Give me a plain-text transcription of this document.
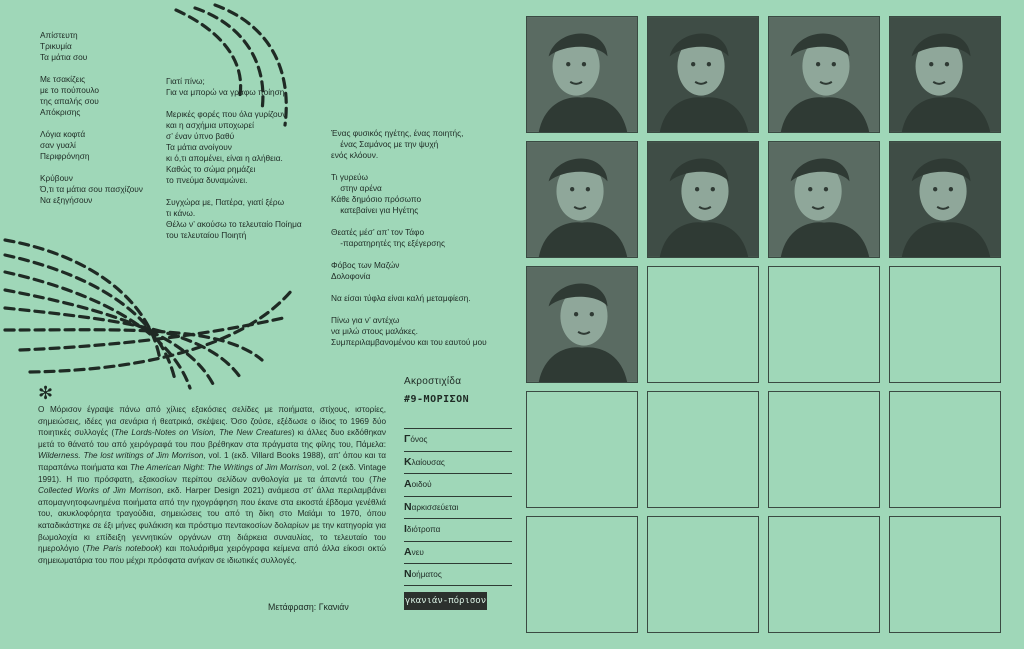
Απίστευτη
Τρικυμία
Τα μάτια σου
Με τσακίζεις
με το πούπουλο
της απαλής σου
Απόκρισης
Λόγια κοφτά
σαν γυαλί
Περιφρόνηση
Κρύβουν
Ό,τι τα μάτια σου πασχίζουν
Να εξηγήσουν
Γιατί πίνω;
Για να μπορώ να γράφω ποίηση.
Μερικές φορές που όλα γυρίζουν
και η ασχήμια υποχωρεί
σ’ έναν ύπνο βαθύ
Τα μάτια ανοίγουν
κι ό,τι απομένει, είναι η αλήθεια.
Καθώς το σώμα ρημάζει
το πνεύμα δυναμώνει.
Συγχώρα με, Πατέρα, γιατί ξέρω
τι κάνω.
Θέλω ν’ ακούσω το τελευταίο Ποίημα
του τελευταίου Ποιητή
Ένας φυσικός ηγέτης, ένας ποιητής,
ένας Σαμάνος με την ψυχή
ενός κλόουν.
Τι γυρεύω
στην αρένα
Κάθε δημόσιο πρόσωπο
κατεβαίνει για Ηγέτης
Θεατές μέσ’ απ’ τον Τάφο
-παρατηρητές της εξέγερσης
Φόβος των Μαζών
Δολοφονία
Να είσαι τύφλα είναι καλή μεταμφίεση.
Πίνω για ν’ αντέχω
να μιλώ στους μαλάκες.
Συμπεριλαμβανομένου και του εαυτού μου
✻
Ο Μόρισον έγραψε πάνω από χίλιες εξακόσιες σελίδες με ποιήματα, στίχους, ιστορίες, σημειώσεις, ιδέες για σενάρια ή θεατρικά, σκέψεις. Όσο ζούσε, εξέδωσε ο ίδιος το 1969 δύο ποιητικές συλλογές (The Lords-Notes on Vision, The New Creatures) κι άλλες δυο εκδόθηκαν μετά το θάνατό του από χειρόγραφά του που βρέθηκαν στα πράγματα της φίλης του, Πάμελα: Wilderness. The lost writings of Jim Morrison, vol. 1 (εκδ. Villard Books 1988), απ’ όπου και τα παραπάνω ποιήματα και The American Night: The Writings of Jim Morrison, vol. 2 (εκδ. Vintage 1991). Η πιο πρόσφατη, εξακοσίων περίπου σελίδων ανθολογία με τα άπαντά του (The Collected Works of Jim Morrison, εκδ. Harper Design 2021) ανάμεσα στ’ άλλα περιλαμβάνει απομαγνητοφωνημένα ποιήματα από την ηχογράφηση που έκανε στα εικοστά έβδομα γενέθλιά του, ακυκλοφόρητα τραγούδια, σημειώσεις του από τη δίκη στο Μαϊάμι το 1970, όπου καταδικάστηκε σε έξι μήνες φυλάκιση και πρόστιμο πεντακοσίων δολαρίων με την κατηγορία για βωμολοχία κι επίδειξη γεννητικών οργάνων στη διάρκεια συναυλίας, το τελευταίο του ημερολόγιο (The Paris notebook) και πολυάριθμα χειρόγραφα κείμενα από άλλα είκοσι οκτώ σημειωματάρια του που μέχρι πρόσφατα ανήκαν σε ιδιωτικές συλλογές.
Μετάφραση: Γκανιάν
Ακροστιχίδα
#9-ΜΟΡΙΣΟΝ
Γόνος
Κλαίουσας
Αοιδού
Ναρκισσεύεται
Ιδιότροπα
Ανευ
Νοήματος
γκανιάν-πόρισον
